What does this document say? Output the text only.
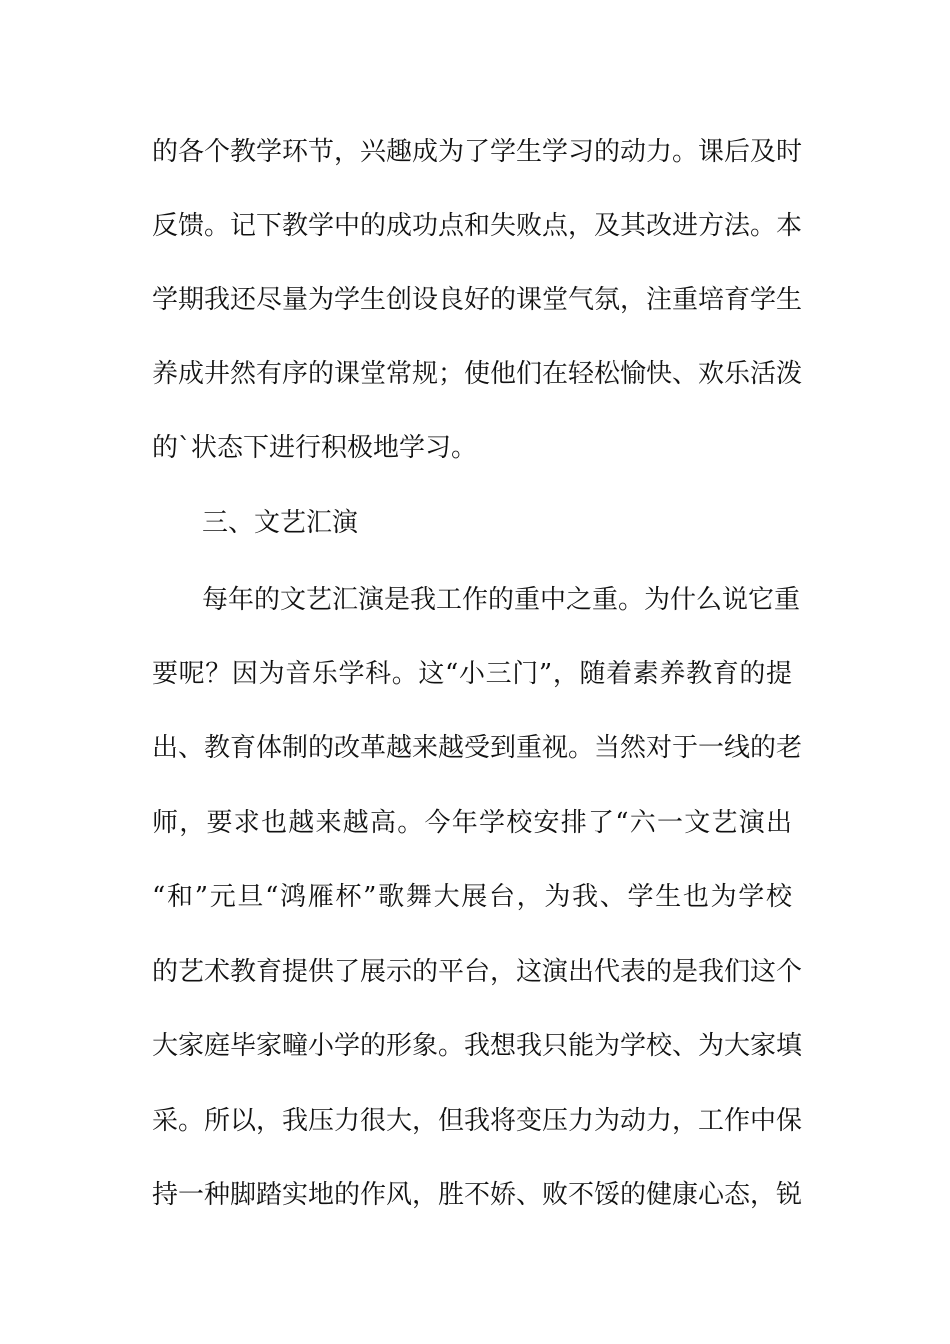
的各个教学环节，兴趣成为了学生学习的动力。课后及时
反馈。记下教学中的成功点和失败点，及其改进方法。本
学期我还尽量为学生创设良好的课堂气氛，注重培育学生
养成井然有序的课堂常规；使他们在轻松愉快、欢乐活泼
的`状态下进行积极地学习。
三、文艺汇演
每年的文艺汇演是我工作的重中之重。为什么说它重
要呢？因为音乐学科。这“小三门”，随着素养教育的提
出、教育体制的改革越来越受到重视。当然对于一线的老
师，要求也越来越高。今年学校安排了“六一文艺演出
“和”元旦“鸿雁杯”歌舞大展台，为我、学生也为学校
的艺术教育提供了展示的平台，这演出代表的是我们这个
大家庭毕家疃小学的形象。我想我只能为学校、为大家填
采。所以，我压力很大，但我将变压力为动力，工作中保
持一种脚踏实地的作风，胜不娇、败不馁的健康心态，锐
